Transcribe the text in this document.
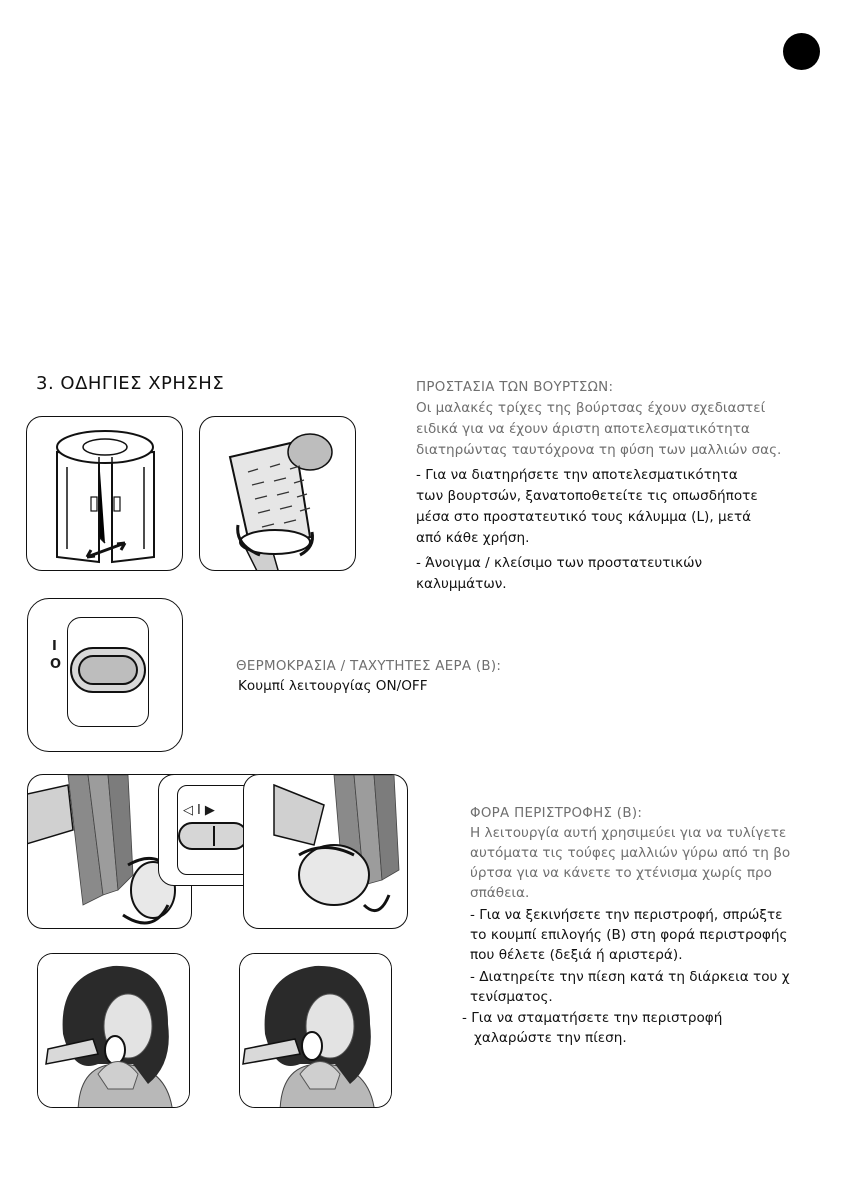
3. ΟΔΗΓΙΕΣ ΧΡΗΣΗΣ	ΠΡΟΣΤΑΣΙΑ ΤΩΝ ΒΟΥΡΤΣΩΝ:
Οι μαλακές τρίχες της βούρτσας έχουν σχεδιαστεί
ειδικά για να έχουν άριστη αποτελεσματικότητα
διατηρώντας ταυτόχρονα τη φύση των μαλλιών σας.
- Για να διατηρήσετε την αποτελεσματικότητα
των βουρτσών, ξανατοποθετείτε τις οπωσδήποτε
μέσα στο προστατευτικό τους κάλυμμα (L), μετά
από κάθε χρήση.
- Άνοιγμα / κλείσιμο των προστατευτικών
καλυμμάτων.
I
O	ΘΕΡΜΟΚΡΑΣΙΑ / ΤΑΧΥΤΗΤΕΣ ΑΕΡΑ (B):
Κουμπί λειτουργίας ON/OFF
◁I▶	ΦΟΡΑ ΠΕΡΙΣΤΡΟΦΗΣ (B):
Η λειτουργία αυτή χρησιμεύει για να τυλίγετε
αυτόματα τις τούφες μαλλιών γύρω από τη βο
ύρτσα για να κάνετε το χτένισμα χωρίς προ
σπάθεια.
- Για να ξεκινήσετε την περιστροφή, σπρώξτε
το κουμπί επιλογής (B) στη φορά περιστροφής
που θέλετε (δεξιά ή αριστερά).
- Διατηρείτε την πίεση κατά τη διάρκεια του χ
τενίσματος.
- Για να σταματήσετε την περιστροφή
χαλαρώστε την πίεση.
